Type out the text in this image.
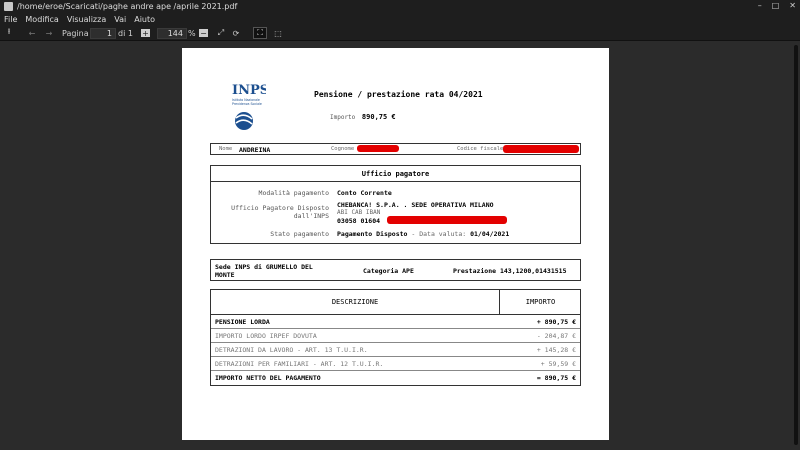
/home/eroe/Scaricati/paghe andre ape /aprile 2021.pdf	– □ ✕
File Modifica Visualizza Vai Aiuto
⭱	← → Pagina	1 di 1 +	144 % − ⤢ ⟳	⛶	⬚
INPS
Istituto Nazionale
Previdenza Sociale
Pensione / prestazione rata 04/2021
Importo 890,75 €
Nome ANDREINA	Cognome	Codice fiscale
Ufficio pagatore
Modalità pagamento Conto Corrente
Ufficio Pagatore Disposto
dall'INPS
CHEBANCA! S.P.A. . SEDE OPERATIVA MILANO
ABI CAB IBAN
03058 01604
Stato pagamento Pagamento Disposto - Data valuta: 01/04/2021
Sede INPS di GRUMELLO DEL
MONTE	Categoria APE	Prestazione 143,1200,01431515
DESCRIZIONE	IMPORTO
PENSIONE LORDA	+ 890,75 €
IMPORTO LORDO IRPEF DOVUTA	- 204,87 €
DETRAZIONI DA LAVORO - ART. 13 T.U.I.R.	+ 145,28 €
DETRAZIONI PER FAMILIARI - ART. 12 T.U.I.R.	+ 59,59 €
IMPORTO NETTO DEL PAGAMENTO	= 890,75 €
